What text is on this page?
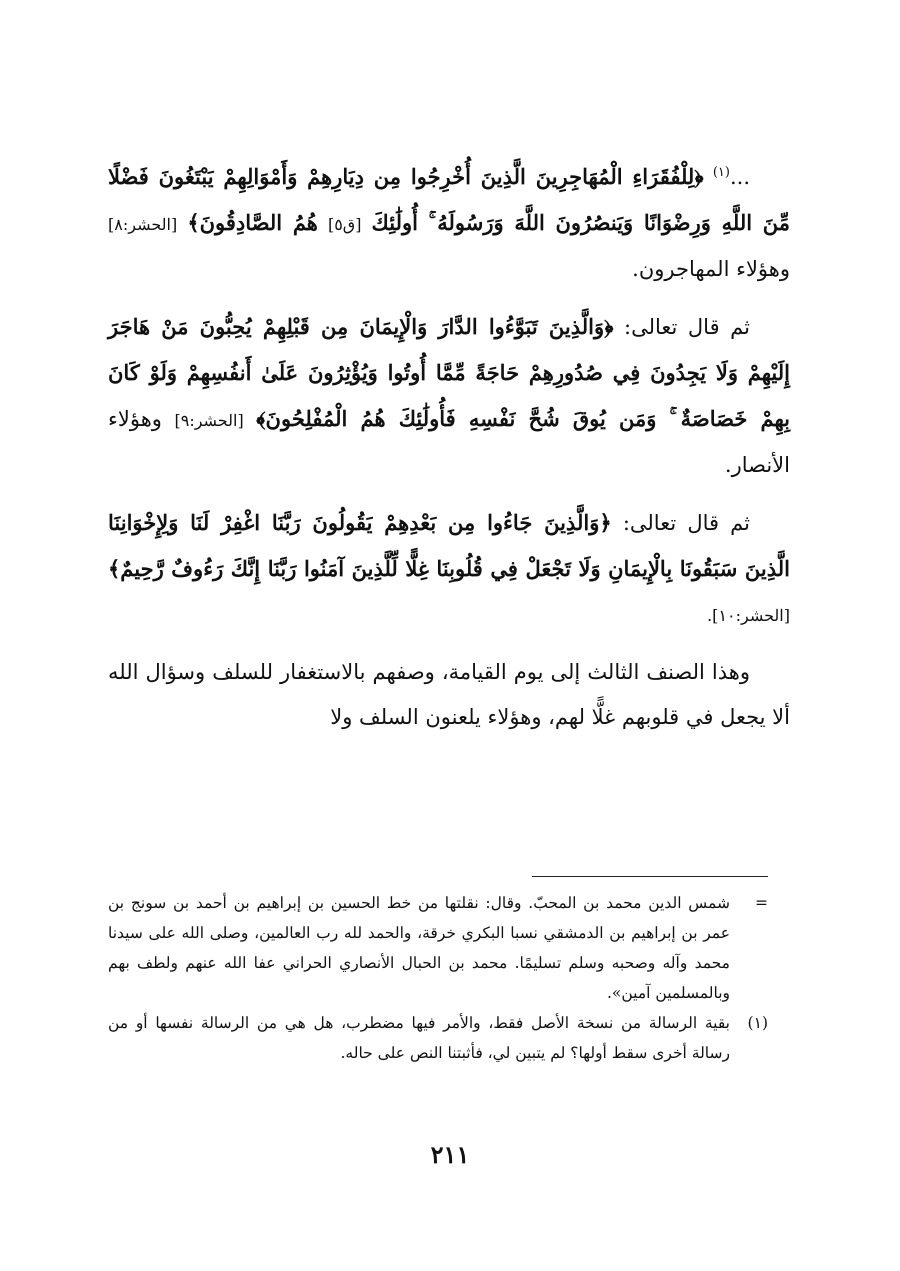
...$^{(١)}$ ﴿لِلْفُقَرَاءِ الْمُهَاجِرِينَ الَّذِينَ أُخْرِجُوا مِن دِيَارِهِمْ وَأَمْوَالِهِمْ يَبْتَغُونَ فَضْلًا مِّنَ اللَّهِ وَرِضْوَانًا وَيَنصُرُونَ اللَّهَ وَرَسُولَهُ ۚ أُولَٰئِكَ [ق٥] هُمُ الصَّادِقُونَ﴾ [الحشر:٨] وهؤلاء المهاجرون.

ثم قال تعالى: ﴿وَالَّذِينَ تَبَوَّءُوا الدَّارَ وَالْإِيمَانَ مِن قَبْلِهِمْ يُحِبُّونَ مَنْ هَاجَرَ إِلَيْهِمْ وَلَا يَجِدُونَ فِي صُدُورِهِمْ حَاجَةً مِّمَّا أُوتُوا وَيُؤْثِرُونَ عَلَىٰ أَنفُسِهِمْ وَلَوْ كَانَ بِهِمْ خَصَاصَةٌ ۚ وَمَن يُوقَ شُحَّ نَفْسِهِ فَأُولَٰئِكَ هُمُ الْمُفْلِحُونَ﴾ [الحشر:٩] وهؤلاء الأنصار.

ثم قال تعالى: ﴿وَالَّذِينَ جَاءُوا مِن بَعْدِهِمْ يَقُولُونَ رَبَّنَا اغْفِرْ لَنَا وَلِإِخْوَانِنَا الَّذِينَ سَبَقُونَا بِالْإِيمَانِ وَلَا تَجْعَلْ فِي قُلُوبِنَا غِلًّا لِّلَّذِينَ آمَنُوا رَبَّنَا إِنَّكَ رَءُوفٌ رَّحِيمٌ﴾ [الحشر:١٠].

وهذا الصنف الثالث إلى يوم القيامة، وصفهم بالاستغفار للسلف وسؤال الله ألا يجعل في قلوبهم غلًّا لهم، وهؤلاء يلعنون السلف ولا

=
شمس الدين محمد بن المحبّ. وقال: نقلتها من خط الحسين بن إبراهيم بن أحمد بن سونج بن عمر بن إبراهيم بن الدمشقي نسبا البكري خرقة، والحمد لله رب العالمين، وصلى الله على سيدنا محمد وآله وصحبه وسلم تسليمًا. محمد بن الحبال الأنصاري الحراني عفا الله عنهم ولطف بهم وبالمسلمين آمين».

(١)
بقية الرسالة من نسخة الأصل فقط، والأمر فيها مضطرب، هل هي من الرسالة نفسها أو من رسالة أخرى سقط أولها؟ لم يتبين لي، فأثبتنا النص على حاله.

٢١١
